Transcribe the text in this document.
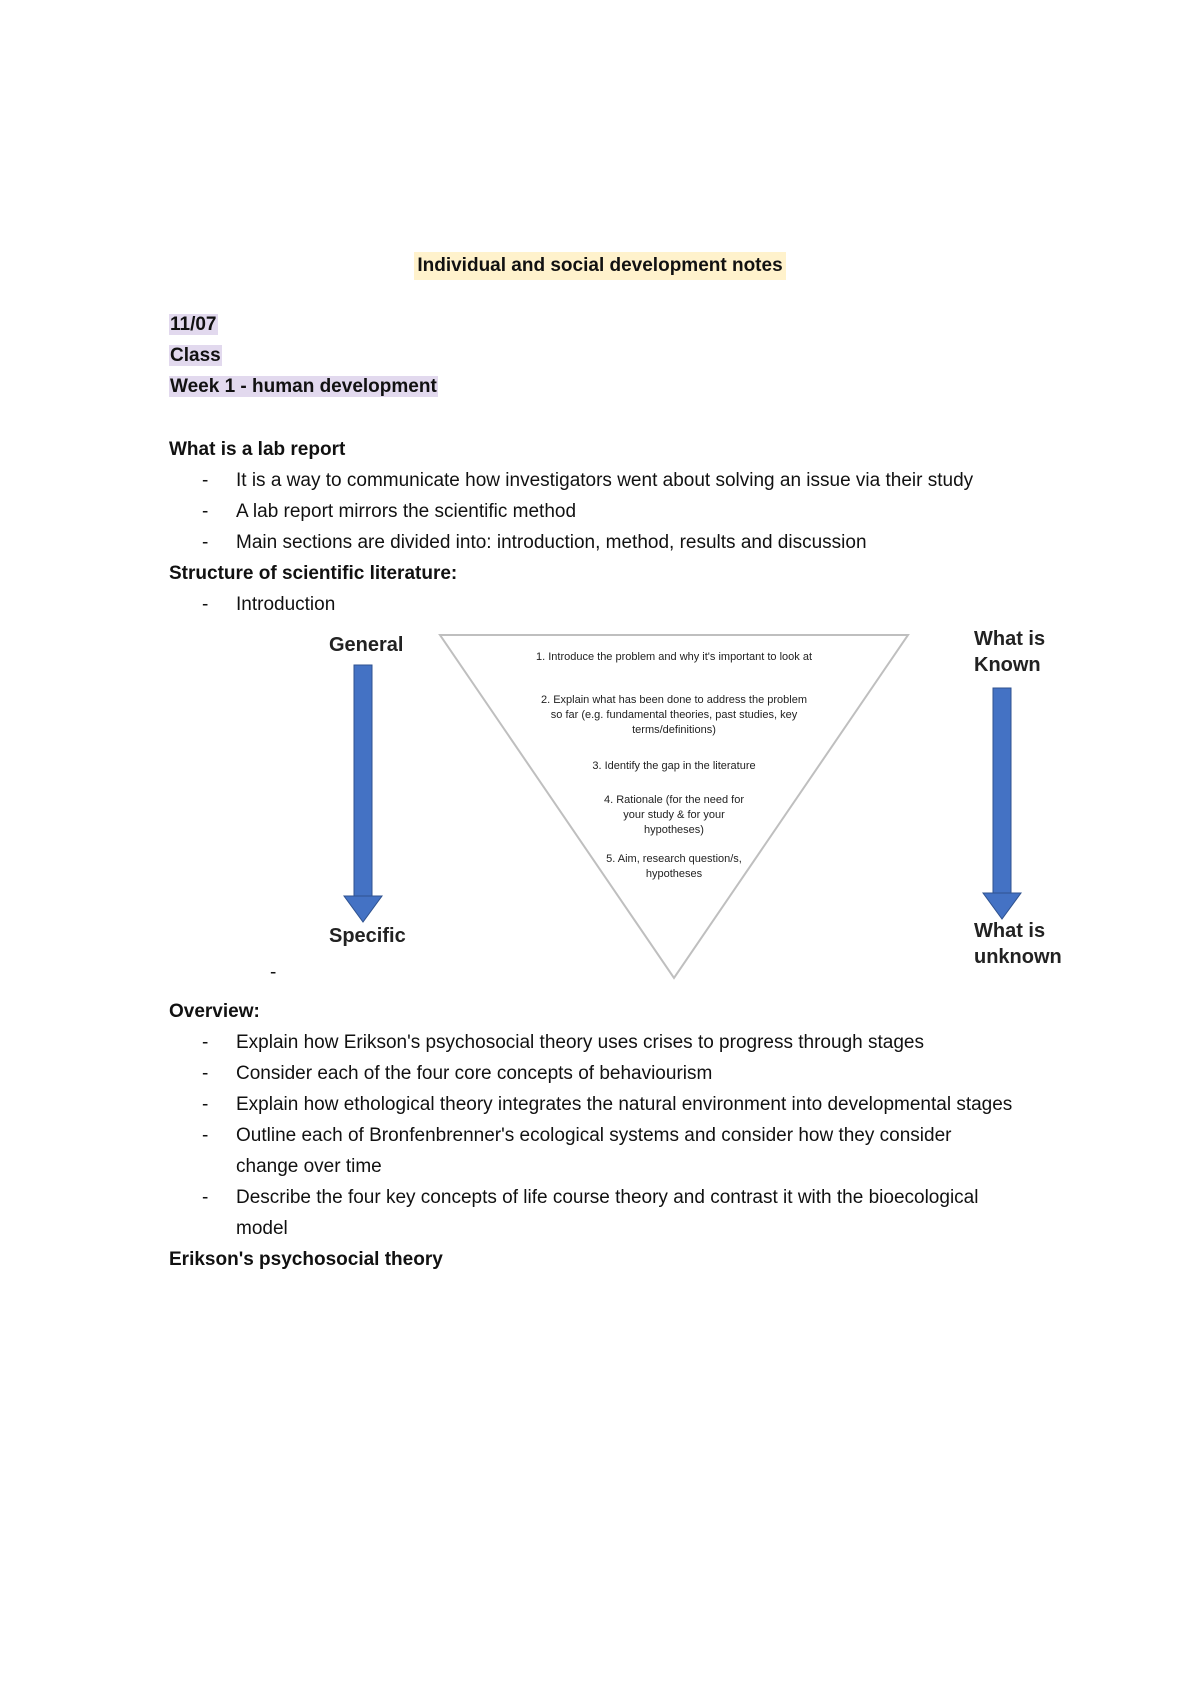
Individual and social development notes
11/07
Class
Week 1 - human development
What is a lab report
- It is a way to communicate how investigators went about solving an issue via their study
- A lab report mirrors the scientific method
- Main sections are divided into: introduction, method, results and discussion
Structure of scientific literature:
- Introduction
General
Specific
What is
Known
What is
unknown
1. Introduce the problem and why it's important to look at
2. Explain what has been done to address the problem so far (e.g. fundamental theories, past studies, key terms/definitions)
3. Identify the gap in the literature
4. Rationale (for the need for your study & for your hypotheses)
5. Aim, research question/s, hypotheses
-
Overview:
- Explain how Erikson's psychosocial theory uses crises to progress through stages
- Consider each of the four core concepts of behaviourism
- Explain how ethological theory integrates the natural environment into developmental stages
- Outline each of Bronfenbrenner's ecological systems and consider how they consider change over time
- Describe the four key concepts of life course theory and contrast it with the bioecological model
Erikson's psychosocial theory
